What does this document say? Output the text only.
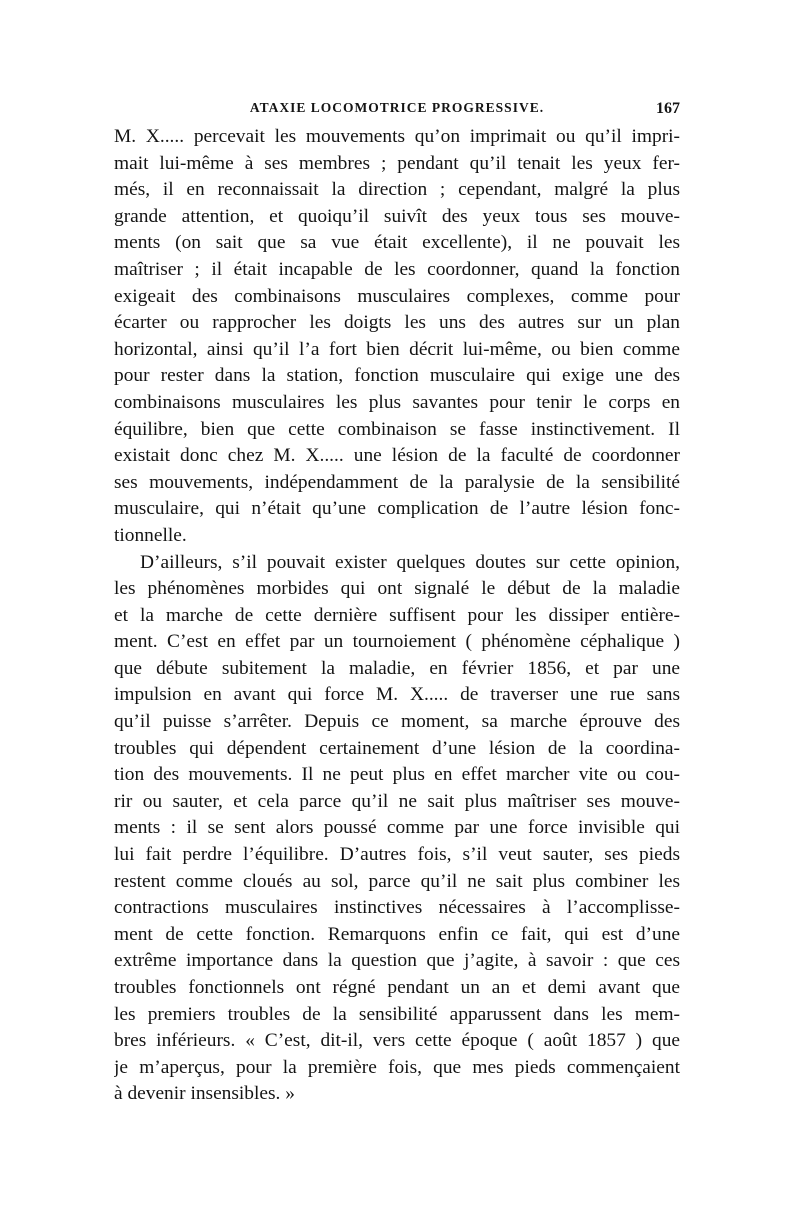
ATAXIE LOCOMOTRICE PROGRESSIVE.	167
M. X..... percevait les mouvements qu’on imprimait ou qu’il impri-
mait lui-même à ses membres ; pendant qu’il tenait les yeux fer-
més, il en reconnaissait la direction ; cependant, malgré la plus
grande attention, et quoiqu’il suivît des yeux tous ses mouve-
ments (on sait que sa vue était excellente), il ne pouvait les
maîtriser ; il était incapable de les coordonner, quand la fonction
exigeait des combinaisons musculaires complexes, comme pour
écarter ou rapprocher les doigts les uns des autres sur un plan
horizontal, ainsi qu’il l’a fort bien décrit lui-même, ou bien comme
pour rester dans la station, fonction musculaire qui exige une des
combinaisons musculaires les plus savantes pour tenir le corps en
équilibre, bien que cette combinaison se fasse instinctivement. Il
existait donc chez M. X..... une lésion de la faculté de coordonner
ses mouvements, indépendamment de la paralysie de la sensibilité
musculaire, qui n’était qu’une complication de l’autre lésion fonc-
tionnelle.
D’ailleurs, s’il pouvait exister quelques doutes sur cette opinion,
les phénomènes morbides qui ont signalé le début de la maladie
et la marche de cette dernière suffisent pour les dissiper entière-
ment. C’est en effet par un tournoiement ( phénomène céphalique )
que débute subitement la maladie, en février 1856, et par une
impulsion en avant qui force M. X..... de traverser une rue sans
qu’il puisse s’arrêter. Depuis ce moment, sa marche éprouve des
troubles qui dépendent certainement d’une lésion de la coordina-
tion des mouvements. Il ne peut plus en effet marcher vite ou cou-
rir ou sauter, et cela parce qu’il ne sait plus maîtriser ses mouve-
ments : il se sent alors poussé comme par une force invisible qui
lui fait perdre l’équilibre. D’autres fois, s’il veut sauter, ses pieds
restent comme cloués au sol, parce qu’il ne sait plus combiner les
contractions musculaires instinctives nécessaires à l’accomplisse-
ment de cette fonction. Remarquons enfin ce fait, qui est d’une
extrême importance dans la question que j’agite, à savoir : que ces
troubles fonctionnels ont régné pendant un an et demi avant que
les premiers troubles de la sensibilité apparussent dans les mem-
bres inférieurs. « C’est, dit-il, vers cette époque ( août 1857 ) que
je m’aperçus, pour la première fois, que mes pieds commençaient
à devenir insensibles. »
